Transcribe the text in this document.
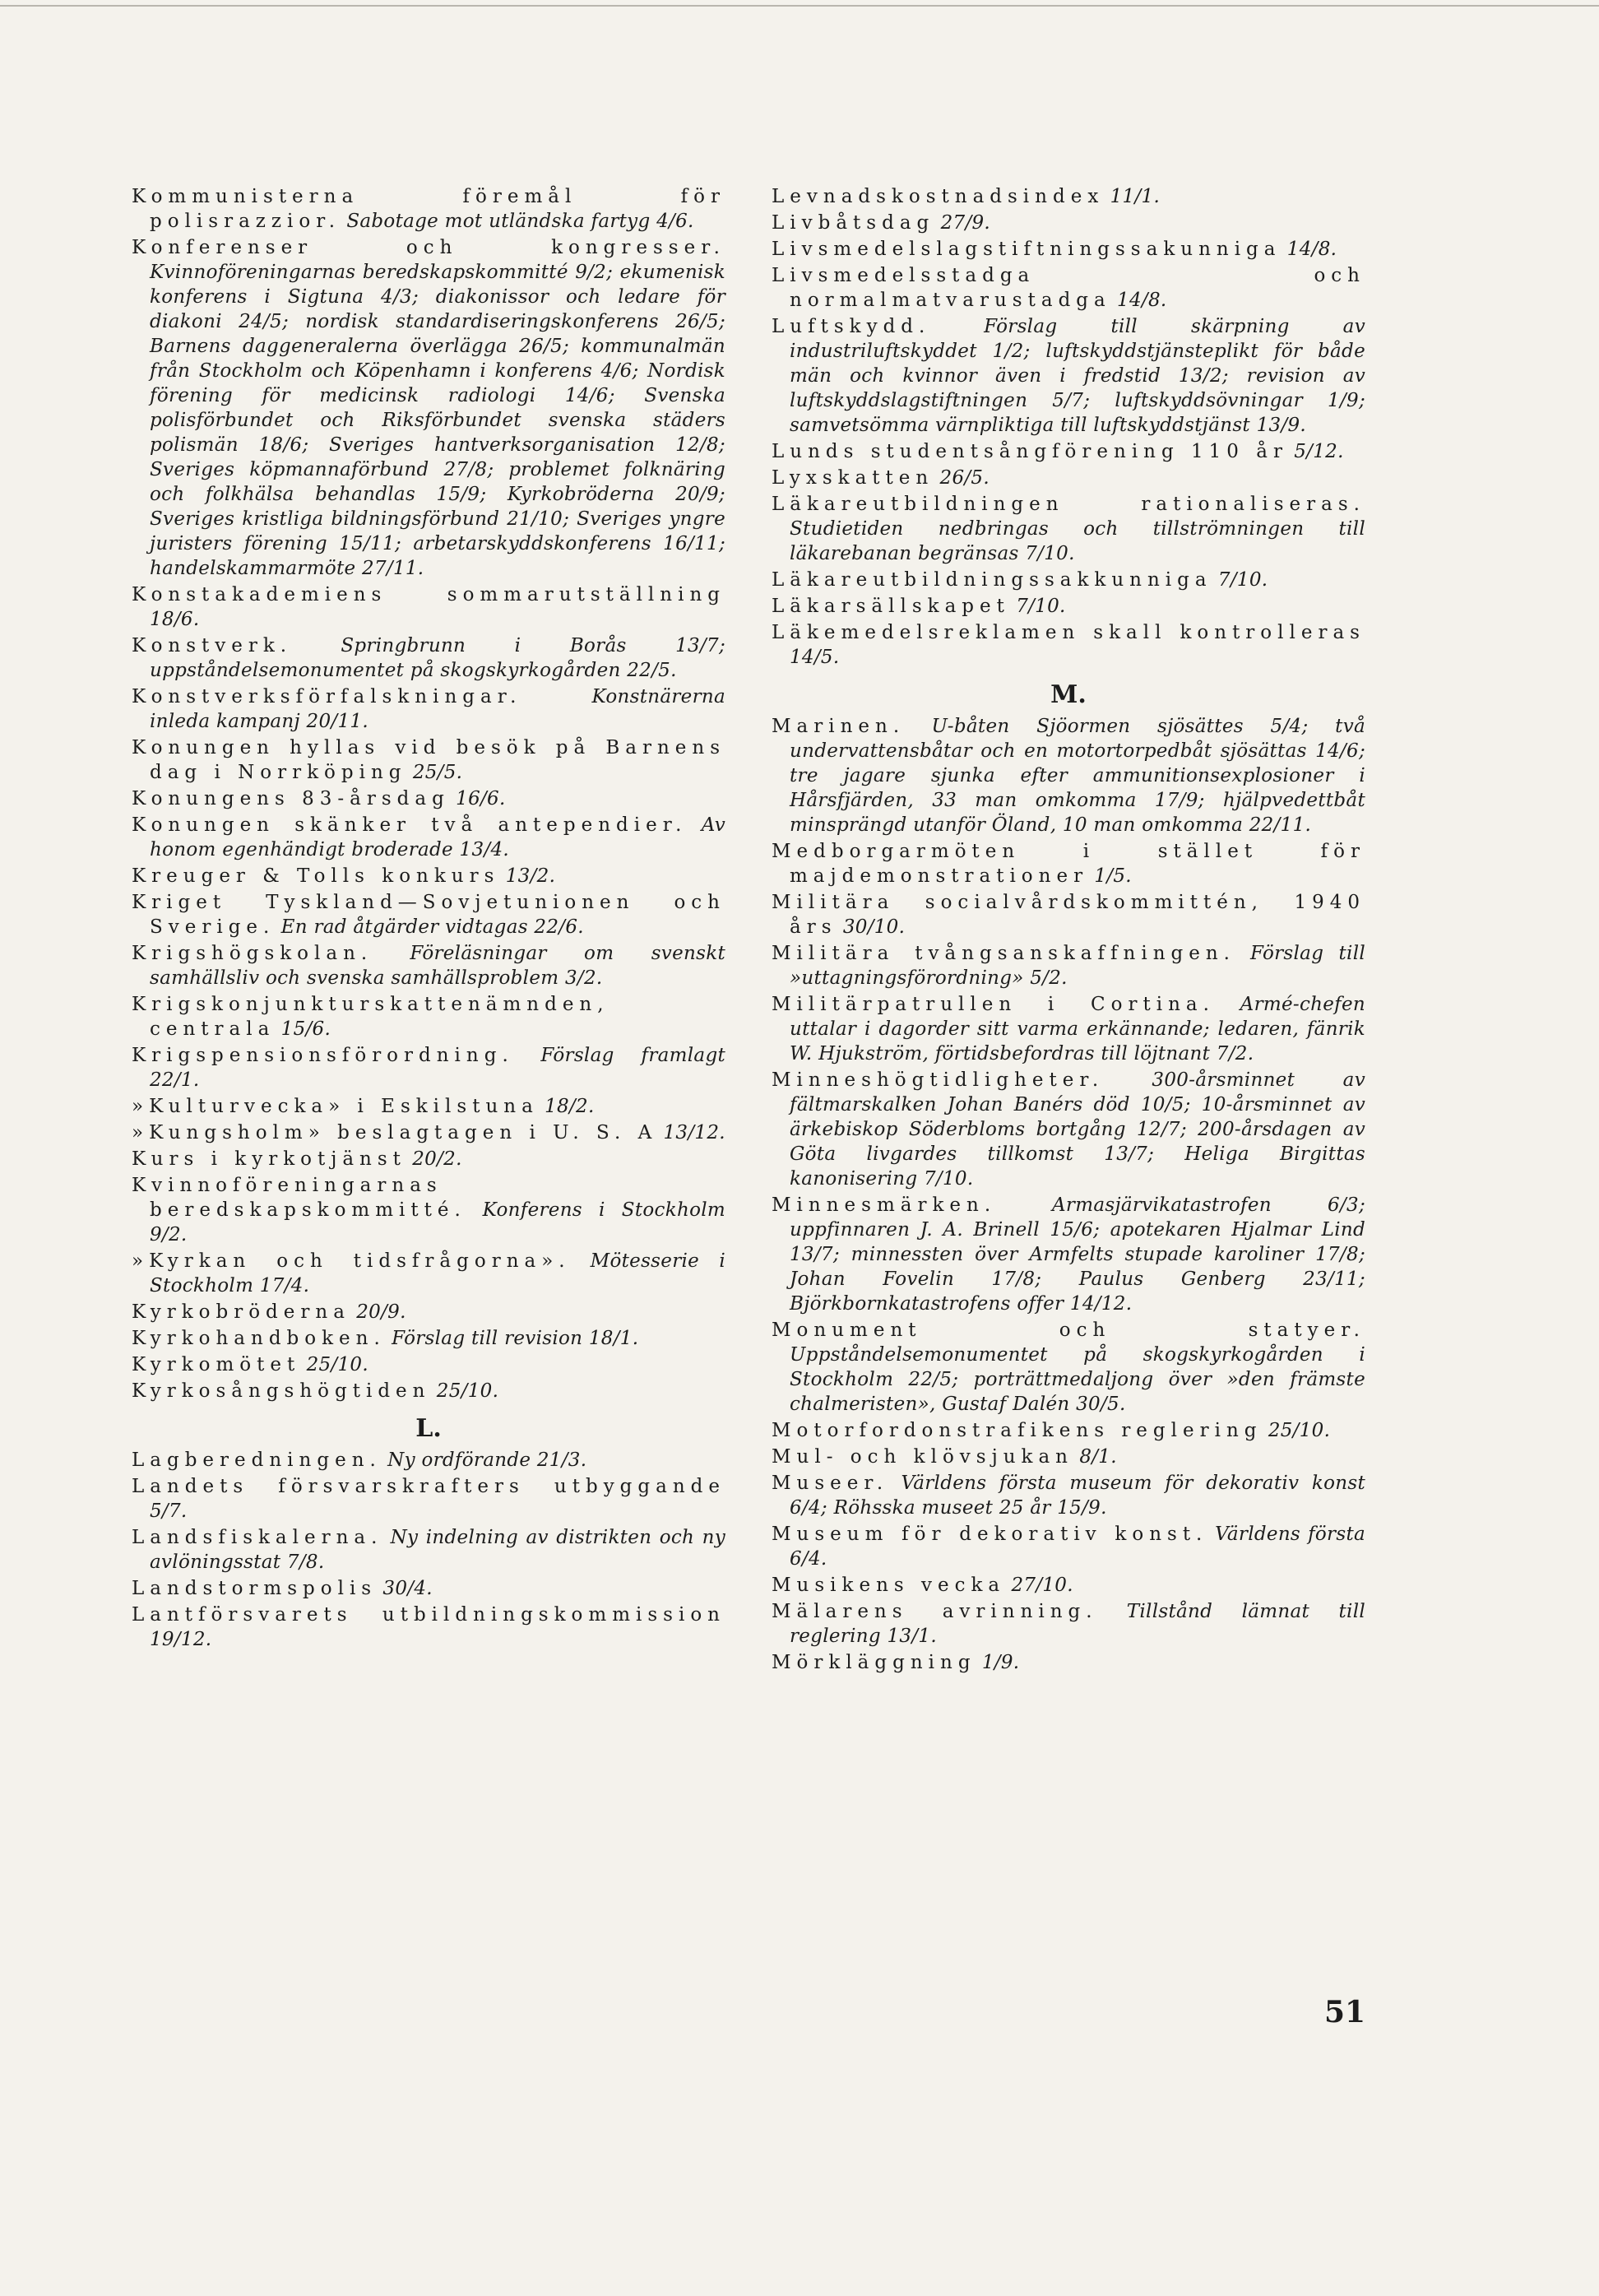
Kommunisterna föremål för polisrazzior. Sabotage mot utländska fartyg 4/6.
Konferenser och kongresser. Kvinnoföreningarnas beredskapskommitté 9/2; ekumenisk konferens i Sigtuna 4/3; diakonissor och ledare för diakoni 24/5; nordisk standardiseringskonferens 26/5; Barnens daggeneralerna överlägga 26/5; kommunalmän från Stockholm och Köpenhamn i konferens 4/6; Nordisk förening för medicinsk radiologi 14/6; Svenska polisförbundet och Riksförbundet svenska städers polismän 18/6; Sveriges hantverksorganisation 12/8; Sveriges köpmannaförbund 27/8; problemet folknäring och folkhälsa behandlas 15/9; Kyrkobröderna 20/9; Sveriges kristliga bildningsförbund 21/10; Sveriges yngre juristers förening 15/11; arbetarskyddskonferens 16/11; handelskammarmöte 27/11.
Konstakademiens sommarutställning 18/6.
Konstverk.	Springbrunn i Borås 13/7; uppståndelsemonumentet på skogskyrkogården 22/5.
Konstverksförfalskningar.	Konstnärerna inleda kampanj 20/11.
Konungen hyllas vid besök på Barnens dag i Norrköping 25/5.
Konungens 83-årsdag 16/6.
Konungen skänker två antependier. Av honom egenhändigt broderade 13/4.
Kreuger & Tolls konkurs 13/2.
Kriget Tyskland—Sovjetunionen och Sverige. En rad åtgärder vidtagas 22/6.
Krigshögskolan. Föreläsningar om svenskt samhällsliv och svenska samhällsproblem 3/2.
Krigskonjunkturskattenämnden, centrala 15/6.
Krigspensionsförordning. Förslag framlagt 22/1.
»Kulturvecka» i Eskilstuna 18/2.
»Kungsholm» beslagtagen i U. S. A 13/12.
Kurs i kyrkotjänst 20/2.
Kvinnoföreningarnas beredskapskommitté. Konferens i Stockholm 9/2.
»Kyrkan och tidsfrågorna». Mötesserie i Stockholm 17/4.
Kyrkobröderna 20/9.
Kyrkohandboken. Förslag till revision 18/1.
Kyrkomötet 25/10.
Kyrkosångshögtiden 25/10.
L.
Lagberedningen. Ny ordförande 21/3.
Landets försvarskrafters utbyggande 5/7.
Landsfiskalerna. Ny indelning av distrikten och ny avlöningsstat 7/8.
Landstormspolis 30/4.
Lantförsvarets utbildningskommission 19/12.
Levnadskostnadsindex 11/1.
Livbåtsdag 27/9.
Livsmedelslagstiftningssakunniga 14/8.
Livsmedelsstadga och normalmatvarustadga 14/8.
Luftskydd.	Förslag till skärpning av industriluftskyddet 1/2; luftskyddstjänsteplikt för både män och kvinnor även i fredstid 13/2; revision av luftskyddslagstiftningen 5/7; luftskyddsövningar 1/9; samvetsömma värnpliktiga till luftskyddstjänst 13/9.
Lunds studentsångförening 110 år 5/12.
Lyxskatten 26/5.
Läkareutbildningen rationaliseras. Studietiden nedbringas och tillströmningen till läkarebanan begränsas 7/10.
Läkareutbildningssakkunniga 7/10.
Läkarsällskapet 7/10.
Läkemedelsreklamen skall kontrolleras 14/5.
M.
Marinen. U-båten Sjöormen sjösättes 5/4; två undervattensbåtar och en motortorpedbåt sjösättas 14/6; tre jagare sjunka efter ammunitionsexplosioner i Hårsfjärden, 33 man omkomma 17/9; hjälpvedettbåt minsprängd utanför Öland, 10 man omkomma 22/11.
Medborgarmöten i stället för majdemonstrationer 1/5.
Militära socialvårdskommittén, 1940 års 30/10.
Militära tvångsanskaffningen. Förslag till »uttagningsförordning» 5/2.
Militärpatrullen i Cortina. Armé-chefen uttalar i dagorder sitt varma erkännande; ledaren, fänrik W. Hjukström, förtidsbefordras till löjtnant 7/2.
Minneshögtidligheter.	300-årsminnet av fältmarskalken Johan Banérs död 10/5; 10-årsminnet av ärkebiskop Söderbloms bortgång 12/7; 200-årsdagen av Göta livgardes tillkomst 13/7; Heliga Birgittas kanonisering 7/10.
Minnesmärken.	Armasjärvikatastrofen 6/3; uppfinnaren J. A. Brinell 15/6; apotekaren Hjalmar Lind 13/7; minnessten över Armfelts stupade karoliner 17/8; Johan Fovelin 17/8; Paulus Genberg 23/11; Björkbornkatastrofens offer 14/12.
Monument och statyer. Uppståndelsemonumentet på skogskyrkogården i Stockholm 22/5; porträttmedaljong över »den främste chalmeristen», Gustaf Dalén 30/5.
Motorfordonstrafikens reglering 25/10.
Mul- och klövsjukan 8/1.
Museer. Världens första museum för dekorativ konst 6/4; Röhsska museet 25 år 15/9.
Museum för dekorativ konst. Världens första 6/4.
Musikens vecka 27/10.
Mälarens avrinning. Tillstånd lämnat till reglering 13/1.
Mörkläggning 1/9.
51
